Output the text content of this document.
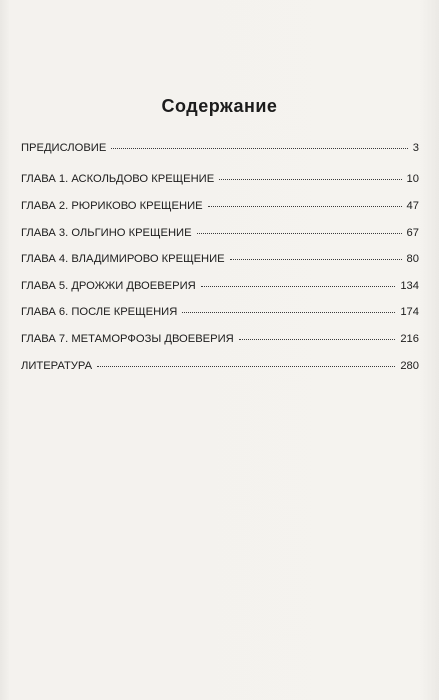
Содержание
ПРЕДИСЛОВИЕ	3
ГЛАВА 1. АСКОЛЬДОВО КРЕЩЕНИЕ	10
ГЛАВА 2. РЮРИКОВО КРЕЩЕНИЕ	47
ГЛАВА 3. ОЛЬГИНО КРЕЩЕНИЕ	67
ГЛАВА 4. ВЛАДИМИРОВО КРЕЩЕНИЕ	80
ГЛАВА 5. ДРОЖЖИ ДВОЕВЕРИЯ	134
ГЛАВА 6. ПОСЛЕ КРЕЩЕНИЯ	174
ГЛАВА 7. МЕТАМОРФОЗЫ ДВОЕВЕРИЯ	216
ЛИТЕРАТУРА	280
